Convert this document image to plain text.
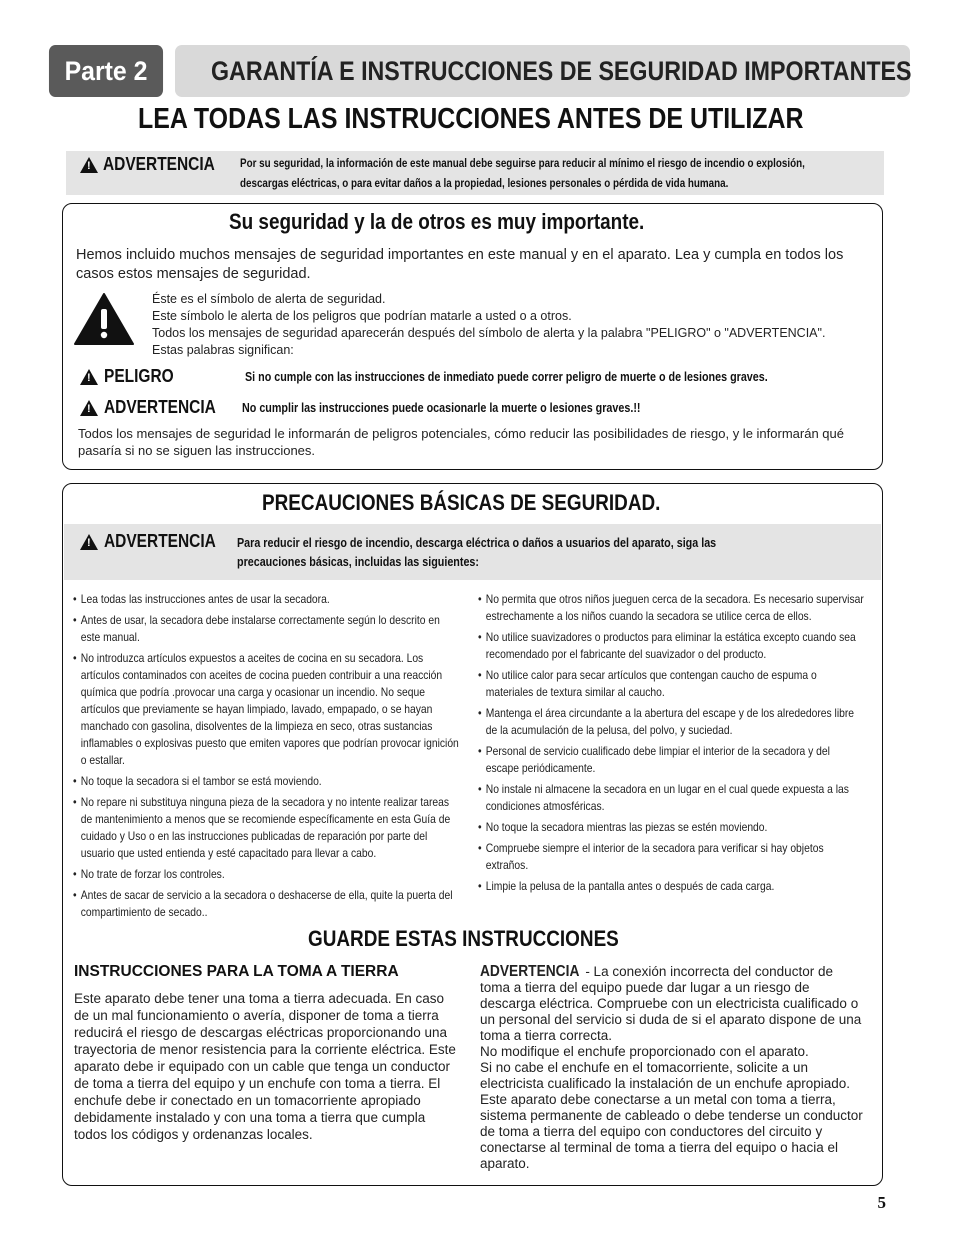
Parte 2 GARANTÍA E INSTRUCCIONES DE SEGURIDAD IMPORTANTES
LEA TODAS LAS INSTRUCCIONES ANTES DE UTILIZAR
!
ADVERTENCIA Por su seguridad, la información de este manual debe seguirse para reducir al mínimo el riesgo de incendio o explosión,
descargas eléctricas, o para evitar daños a la propiedad, lesiones personales o pérdida de vida humana.
Su seguridad y la de otros es muy importante.
Hemos incluido muchos mensajes de seguridad importantes en este manual y en el aparato. Lea y cumpla en todos los casos estos mensajes de seguridad.
Éste es el símbolo de alerta de seguridad.
Este símbolo le alerta de los peligros que podrían matarle a usted o a otros.
Todos los mensajes de seguridad aparecerán después del símbolo de alerta y la palabra "PELIGRO" o "ADVERTENCIA".
Estas palabras significan:
!
PELIGRO	Si no cumple con las instrucciones de inmediato puede correr peligro de muerte o de lesiones graves.
!
ADVERTENCIA No cumplir las instrucciones puede ocasionarle la muerte o lesiones graves.!!
Todos los mensajes de seguridad le informarán de peligros potenciales, cómo reducir las posibilidades de riesgo, y le informarán qué pasaría si no se siguen las instrucciones.
PRECAUCIONES BÁSICAS DE SEGURIDAD.
!
ADVERTENCIA Para reducir el riesgo de incendio, descarga eléctrica o daños a usuarios del aparato, siga las
precauciones básicas, incluidas las siguientes:
• Lea todas las instrucciones antes de usar la secadora.
• Antes de usar, la secadora debe instalarse correctamente según lo descrito en este manual.
• No introduzca artículos expuestos a aceites de cocina en su secadora. Los artículos contaminados con aceites de cocina pueden contribuir a una reacción química que podría .provocar una carga y ocasionar un incendio. No seque artículos que previamente se hayan limpiado, lavado, empapado, o se hayan manchado con gasolina, disolventes de la limpieza en seco, otras sustancias inflamables o explosivas puesto que emiten vapores que podrían provocar ignición o estallar.
• No toque la secadora si el tambor se está moviendo.
• No repare ni substituya ninguna pieza de la secadora y no intente realizar tareas de mantenimiento a menos que se recomiende específicamente en esta Guía de cuidado y Uso o en las instrucciones publicadas de reparación por parte del usuario que usted entienda y esté capacitado para llevar a cabo.
• No trate de forzar los controles.
• Antes de sacar de servicio a la secadora o deshacerse de ella, quite la puerta del compartimiento de secado..
• No permita que otros niños jueguen cerca de la secadora. Es necesario supervisar estrechamente a los niños cuando la secadora se utilice cerca de ellos.
• No utilice suavizadores o productos para eliminar la estática excepto cuando sea recomendado por el fabricante del suavizador o del producto.
• No utilice calor para secar artículos que contengan caucho de espuma o materiales de textura similar al caucho.
• Mantenga el área circundante a la abertura del escape y de los alrededores libre de la acumulación de la pelusa, del polvo, y suciedad.
• Personal de servicio cualificado debe limpiar el interior de la secadora y del escape periódicamente.
• No instale ni almacene la secadora en un lugar en el cual quede expuesta a las condiciones atmosféricas.
• No toque la secadora mientras las piezas se estén moviendo.
• Compruebe siempre el interior de la secadora para verificar si hay objetos extraños.
• Limpie la pelusa de la pantalla antes o después de cada carga.
GUARDE ESTAS INSTRUCCIONES
INSTRUCCIONES PARA LA TOMA A TIERRA
Este aparato debe tener una toma a tierra adecuada. En caso de un mal funcionamiento o avería, disponer de toma a tierra reducirá el riesgo de descargas eléctricas proporcionando una trayectoria de menor resistencia para la corriente eléctrica. Este aparato debe ir equipado con un cable que tenga un conductor de toma a tierra del equipo y un enchufe con toma a tierra. El enchufe debe ir conectado en un tomacorriente apropiado debidamente instalado y con una toma a tierra que cumpla todos los códigos y ordenanzas locales.
ADVERTENCIA - La conexión incorrecta del conductor de toma a tierra del equipo puede dar lugar a un riesgo de descarga eléctrica. Compruebe con un electricista cualificado o un personal del servicio si duda de si el aparato dispone de una toma a tierra correcta.
No modifique el enchufe proporcionado con el aparato.
Si no cabe el enchufe en el tomacorriente, solicite a un electricista cualificado la instalación de un enchufe apropiado.
Este aparato debe conectarse a un metal con toma a tierra, sistema permanente de cableado o debe tenderse un conductor de toma a tierra del equipo con conductores del circuito y conectarse al terminal de toma a tierra del equipo o hacia el aparato.
5
